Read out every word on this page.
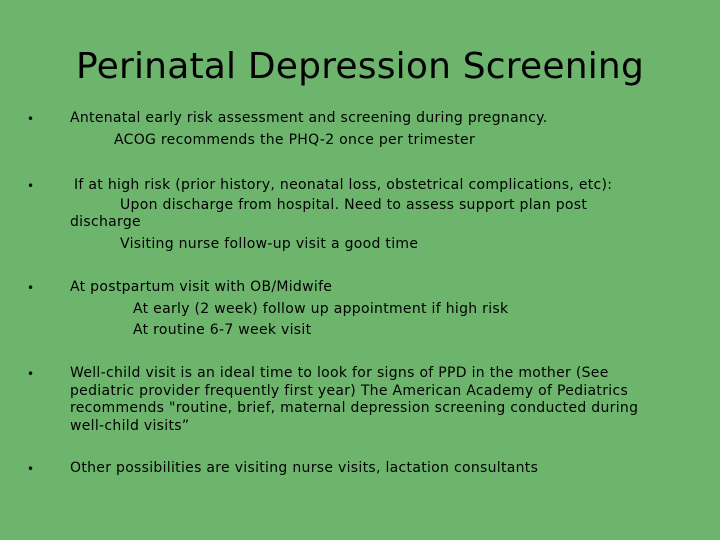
Perinatal Depression Screening
•	Antenatal early risk assessment and screening during pregnancy.
ACOG recommends the PHQ-2 once per trimester
•	If at high risk (prior history, neonatal loss, obstetrical complications, etc):
Upon discharge from hospital. Need to assess support plan post discharge
Visiting nurse follow-up visit a good time
•	At postpartum visit with OB/Midwife
At early (2 week) follow up appointment if high risk
At routine 6-7 week visit
•	Well-child visit is an ideal time to look for signs of PPD in the mother (See pediatric provider frequently first year) The American Academy of Pediatrics recommends "routine, brief, maternal depression screening conducted during well-child visits”
•	Other possibilities are visiting nurse visits, lactation consultants
